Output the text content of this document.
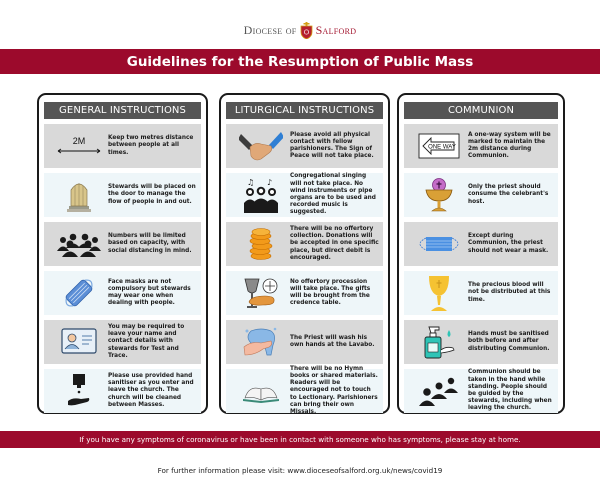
Diocese of Salford
Guidelines for the Resumption of Public Mass
GENERAL INSTRUCTIONS
2M	Keep two metres distance between people at all times.
Stewards will be placed on the door to manage the flow of people in and out.
Numbers will be limited based on capacity, with social distancing in mind.
Face masks are not compulsory but stewards may wear one when dealing with people.
You may be required to leave your name and contact details with stewards for Test and Trace.
Please use provided hand sanitiser as you enter and leave the church. The church will be cleaned between Masses.
LITURGICAL INSTRUCTIONS
Please avoid all physical contact with fellow parishioners. The Sign of Peace will not take place.
♫ ♪
Congregational singing will not take place. No wind instruments or pipe organs are to be used and recorded music is suggested.
There will be no offertory collection. Donations will be accepted in one specific place, but direct debit is encouraged.
No offertory procession will take place. The gifts will be brought from the credence table.
The Priest will wash his own hands at the Lavabo.
There will be no Hymn books or shared materials. Readers will be encouraged not to touch to Lectionary. Parishioners can bring their own Missals.
COMMUNION
ONE WAY
A one-way system will be marked to maintain the 2m distance during Communion.
Only the priest should consume the celebrant's host.
Except during Communion, the priest should not wear a mask.
The precious blood will not be distributed at this time.
Hands must be sanitised both before and after distributing Communion.
Communion should be taken in the hand while standing. People should be guided by the stewards, including when leaving the church.
If you have any symptoms of coronavirus or have been in contact with someone who has symptoms, please stay at home.
For further information please visit: www.dioceseofsalford.org.uk/news/covid19
